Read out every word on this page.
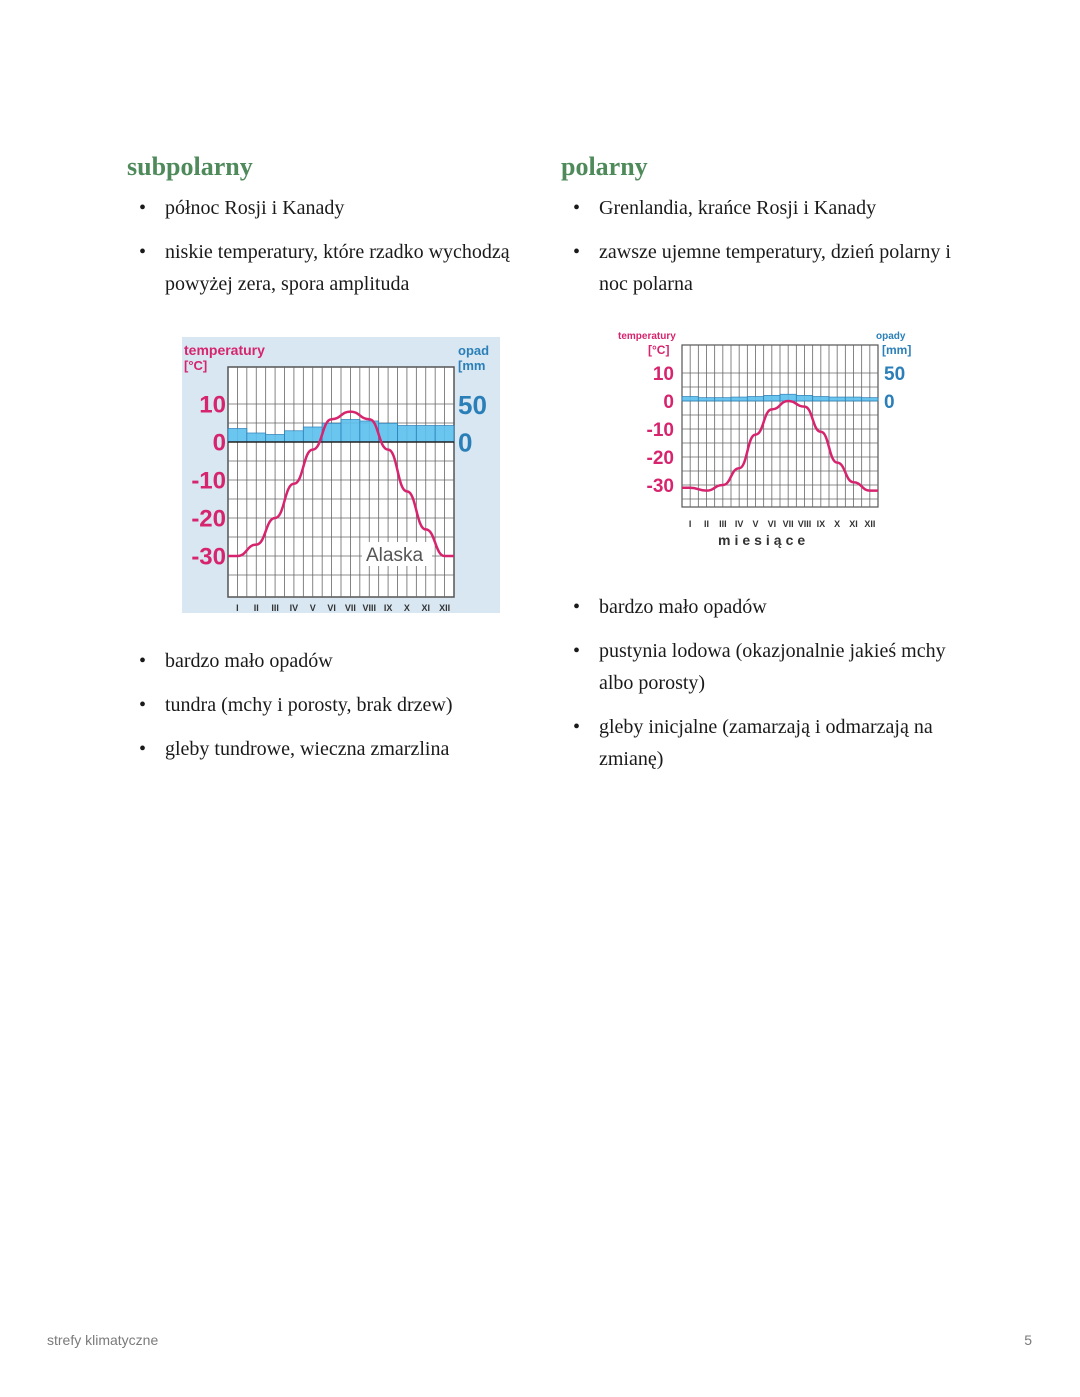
subpolarny
• północ Rosji i Kanady
• niskie temperatury, które rzadko wychodzą powyżej zera, spora amplituda
10
0
-10
-20
-30
50
0
I II III IV V VI VII VIII IX X XI XII
temperatury
[°C]
opad
[mm
Alaska
• bardzo mało opadów
• tundra (mchy i porosty, brak drzew)
• gleby tundrowe, wieczna zmarzlina
polarny
• Grenlandia, krańce Rosji i Kanady
• zawsze ujemne temperatury, dzień polarny i noc polarna
10
0
-10
-20
-30
50
0
I II III IV V VI VII VIII IX X XI XII
temperatury
[°C]
opady
[mm]
miesiące
• bardzo mało opadów
• pustynia lodowa (okazjonalnie jakieś mchy albo porosty)
• gleby inicjalne (zamarzają i odmarzają na zmianę)
strefy klimatyczne	5
